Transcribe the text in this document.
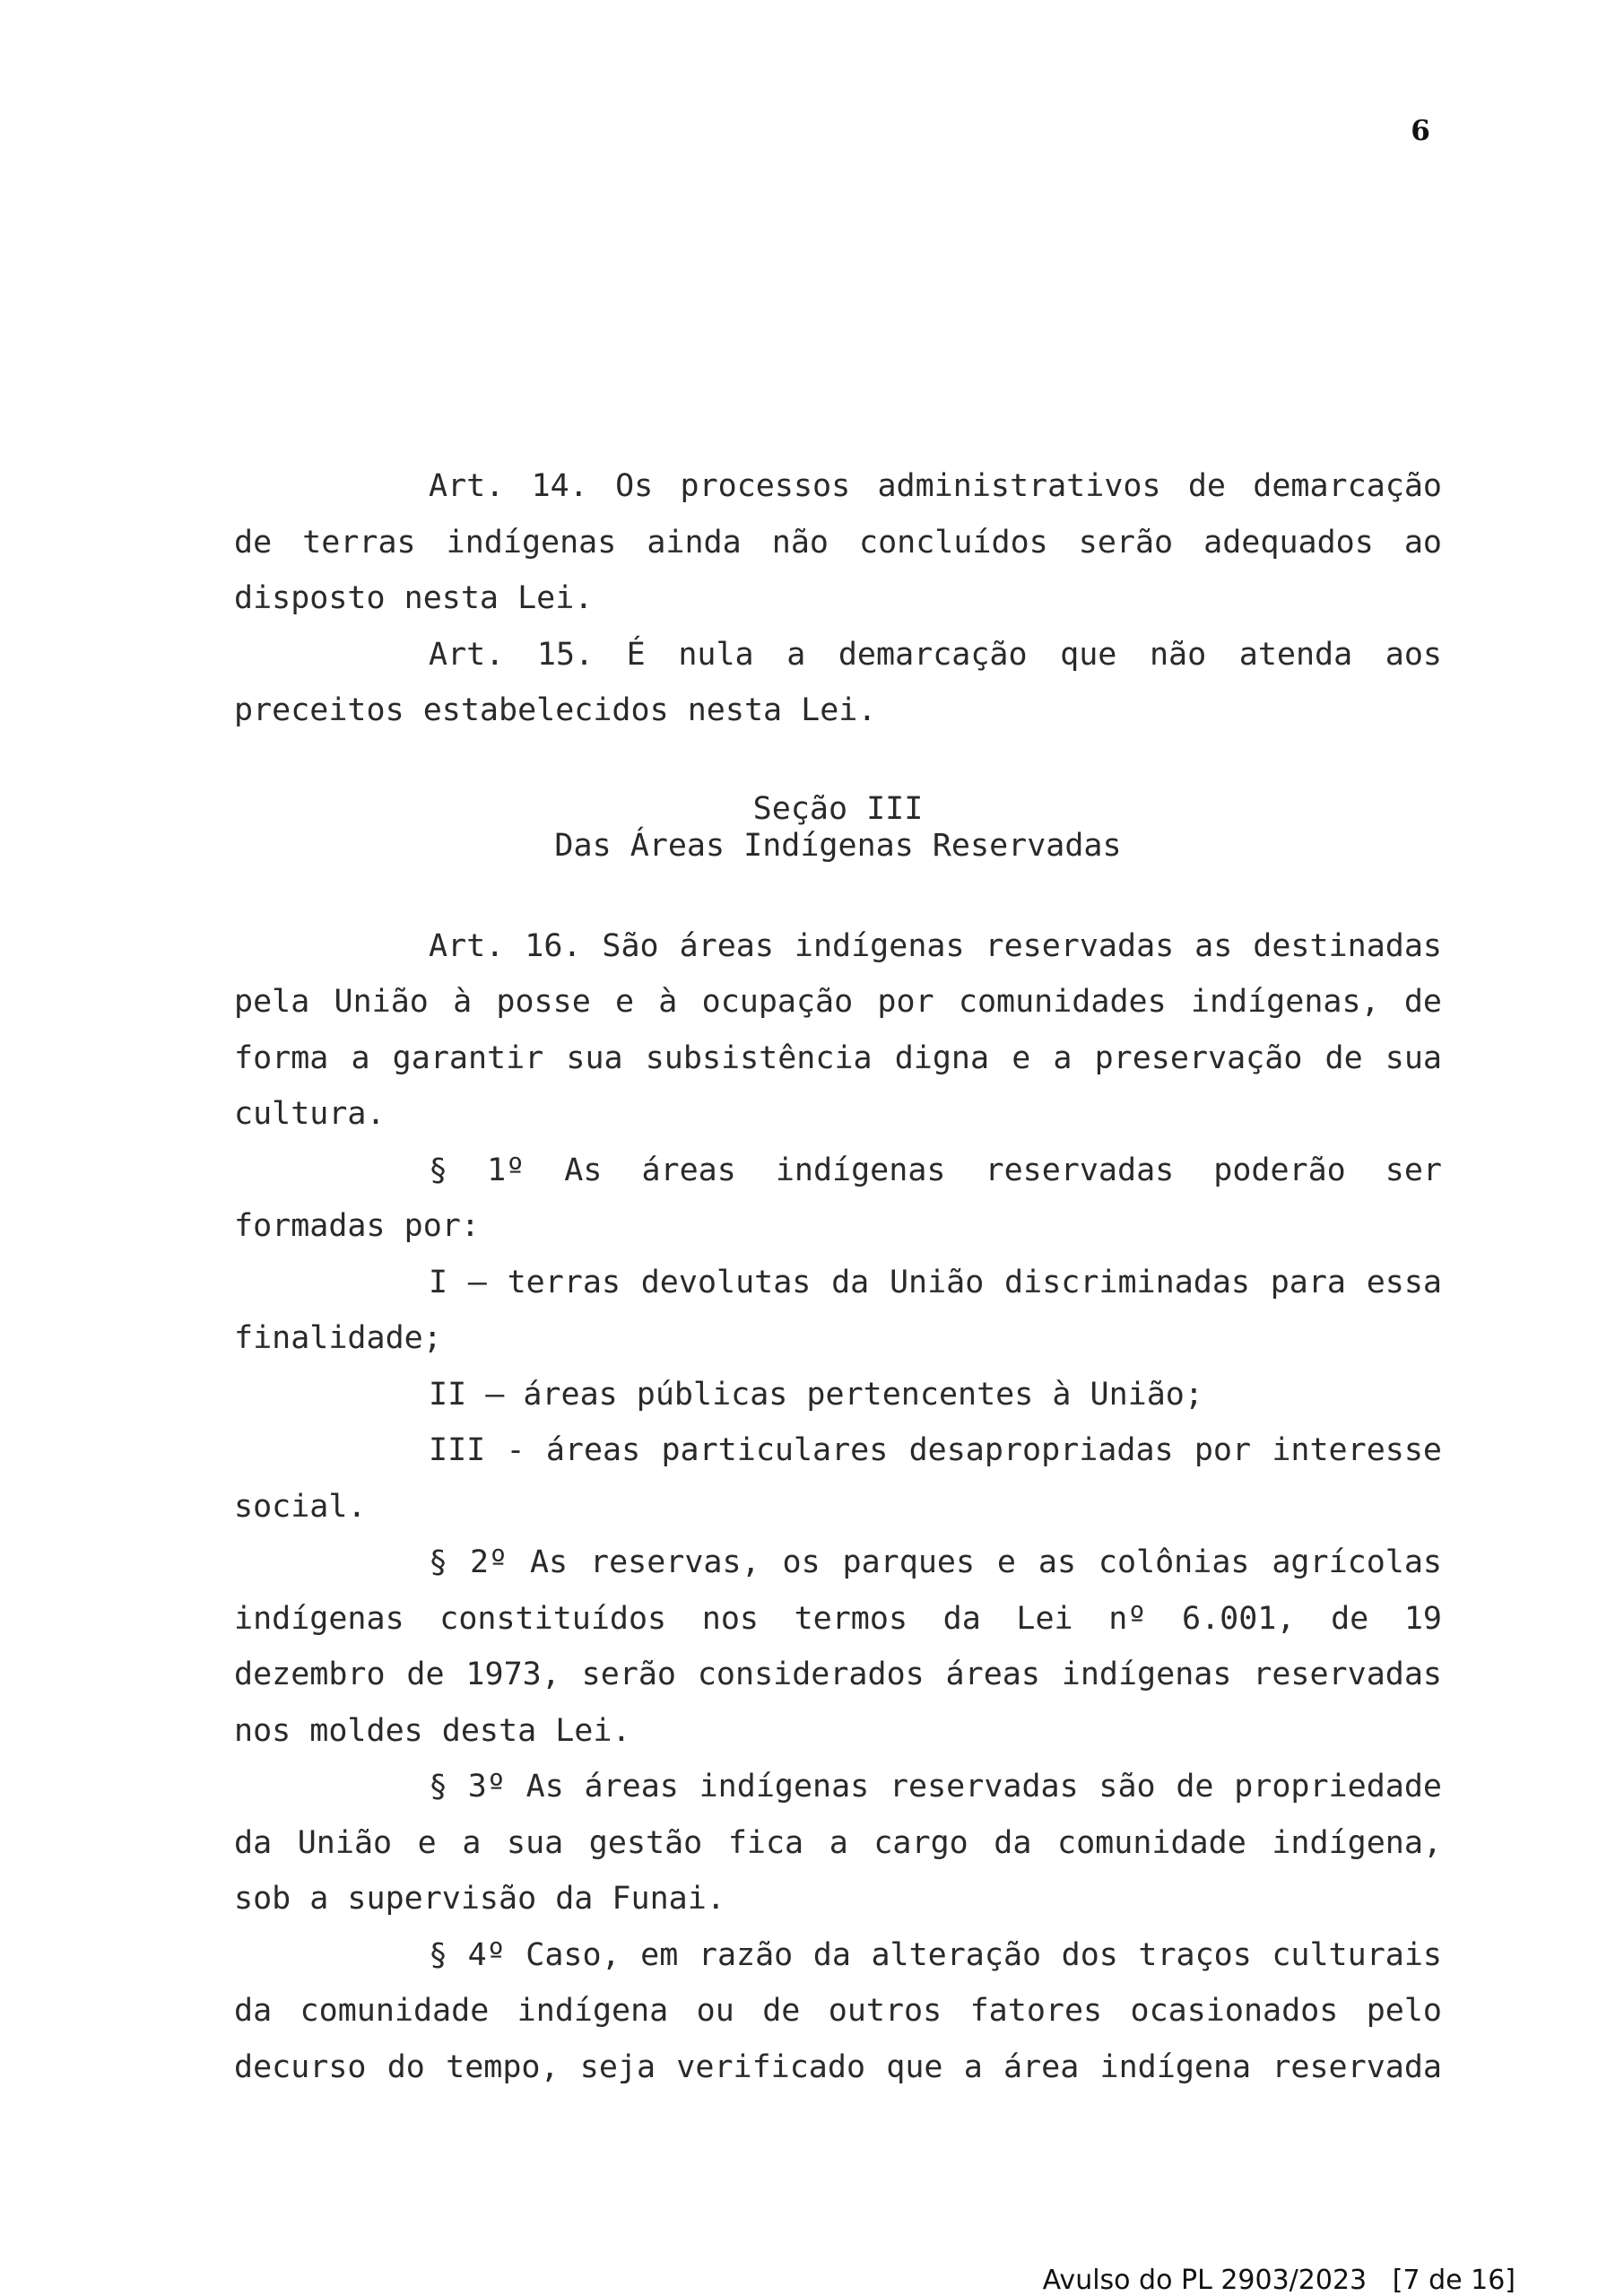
6

Art. 14. Os processos administrativos de demarcação de terras indígenas ainda não concluídos serão adequados ao disposto nesta Lei.

Art. 15. É nula a demarcação que não atenda aos preceitos estabelecidos nesta Lei.

Seção III
Das Áreas Indígenas Reservadas

Art. 16. São áreas indígenas reservadas as destinadas pela União à posse e à ocupação por comunidades indígenas, de forma a garantir sua subsistência digna e a preservação de sua cultura.

§ 1º As áreas indígenas reservadas poderão ser formadas por:

I – terras devolutas da União discriminadas para essa finalidade;

II – áreas públicas pertencentes à União;

III - áreas particulares desapropriadas por interesse social.

§ 2º As reservas, os parques e as colônias agrícolas indígenas constituídos nos termos da Lei nº 6.001, de 19 dezembro de 1973, serão considerados áreas indígenas reservadas nos moldes desta Lei.

§ 3º As áreas indígenas reservadas são de propriedade da União e a sua gestão fica a cargo da comunidade indígena, sob a supervisão da Funai.

§ 4º Caso, em razão da alteração dos traços culturais da comunidade indígena ou de outros fatores ocasionados pelo decurso do tempo, seja verificado que a área indígena reservada

Avulso do PL 2903/2023 [7 de 16]
